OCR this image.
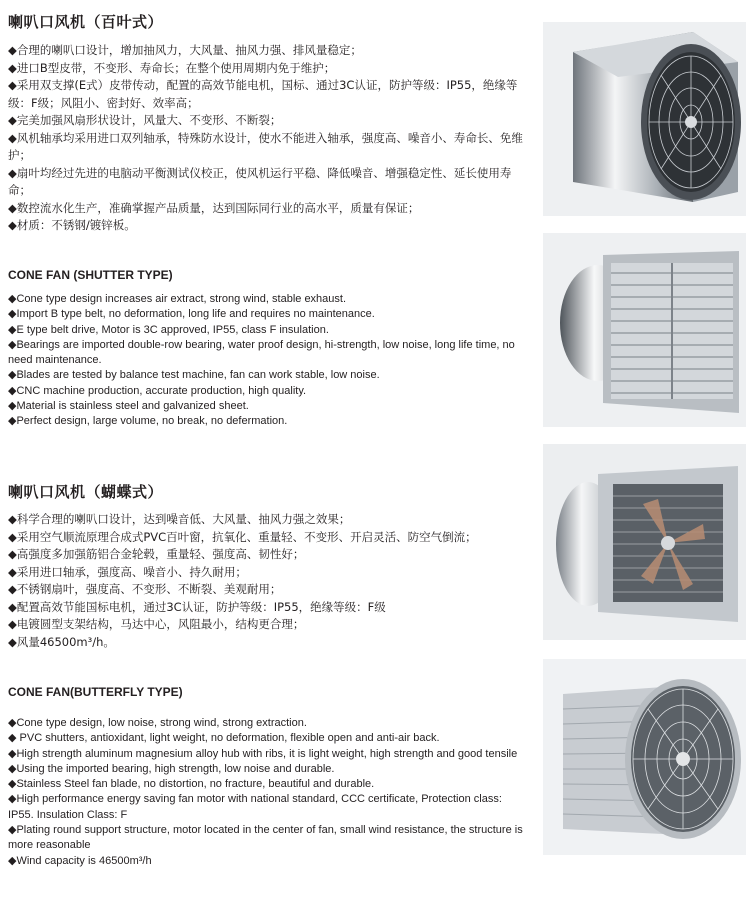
喇叭口风机（百叶式）
◆合理的喇叭口设计，增加抽风力，大风量、抽风力强、排风量稳定；
◆进口B型皮带，不变形、寿命长；在整个使用周期内免于维护；
◆采用双支撑(E式）皮带传动，配置的高效节能电机，国标、通过3C认证，防护等级：IP55，绝缘等级：F级；风阻小、密封好、效率高；
◆完美加强风扇形状设计，风量大、不变形、不断裂；
◆风机轴承均采用进口双列轴承，特殊防水设计，使水不能进入轴承，强度高、噪音小、寿命长、免维护；
◆扇叶均经过先进的电脑动平衡测试仪校正，使风机运行平稳、降低噪音、增强稳定性、延长使用寿命；
◆数控流水化生产，准确掌握产品质量，达到国际同行业的高水平，质量有保证；
◆材质：不锈钢/镀锌板。
CONE FAN (SHUTTER TYPE)
◆Cone type design increases air extract, strong wind, stable exhaust.
◆Import B type belt, no deformation, long life and requires no maintenance.
◆E type belt drive, Motor is 3C approved, IP55, class F insulation.
◆Bearings are imported double-row bearing, water proof design, hi-strength, low noise, long life time, no need maintenance.
◆Blades are tested by balance test machine, fan can work stable, low noise.
◆CNC machine production, accurate production, high quality.
◆Material is stainless steel and galvanized sheet.
◆Perfect design, large volume, no break, no defermation.
喇叭口风机（蝴蝶式）
◆科学合理的喇叭口设计，达到噪音低、大风量、抽风力强之效果；
◆采用空气顺流原理合成式PVC百叶窗，抗氧化、重量轻、不变形、开启灵活、防空气倒流；
◆高强度多加强筋铝合金轮毂，重量轻、强度高、韧性好；
◆采用进口轴承，强度高、噪音小、持久耐用；
◆不锈钢扇叶，强度高、不变形、不断裂、美观耐用；
◆配置高效节能国标电机，通过3C认证，防护等级：IP55，绝缘等级：F级
◆电镀圆型支架结构，马达中心，风阻最小，结构更合理；
◆风量46500m³/h。
CONE FAN(BUTTERFLY TYPE)
◆Cone type design, low noise, strong wind, strong extraction.
◆ PVC shutters, antioxidant, light weight, no deformation, flexible open and anti-air back.
◆High strength aluminum magnesium alloy hub with ribs, it is light weight, high strength and good tensile
◆Using the imported bearing, high strength, low noise and durable.
◆Stainless Steel fan blade, no distortion, no fracture, beautiful and durable.
◆High performance energy saving fan motor with national standard, CCC certificate, Protection class: IP55. Insulation Class: F
◆Plating round support structure, motor located in the center of fan, small wind resistance, the structure is more reasonable
◆Wind capacity is 46500m³/h
